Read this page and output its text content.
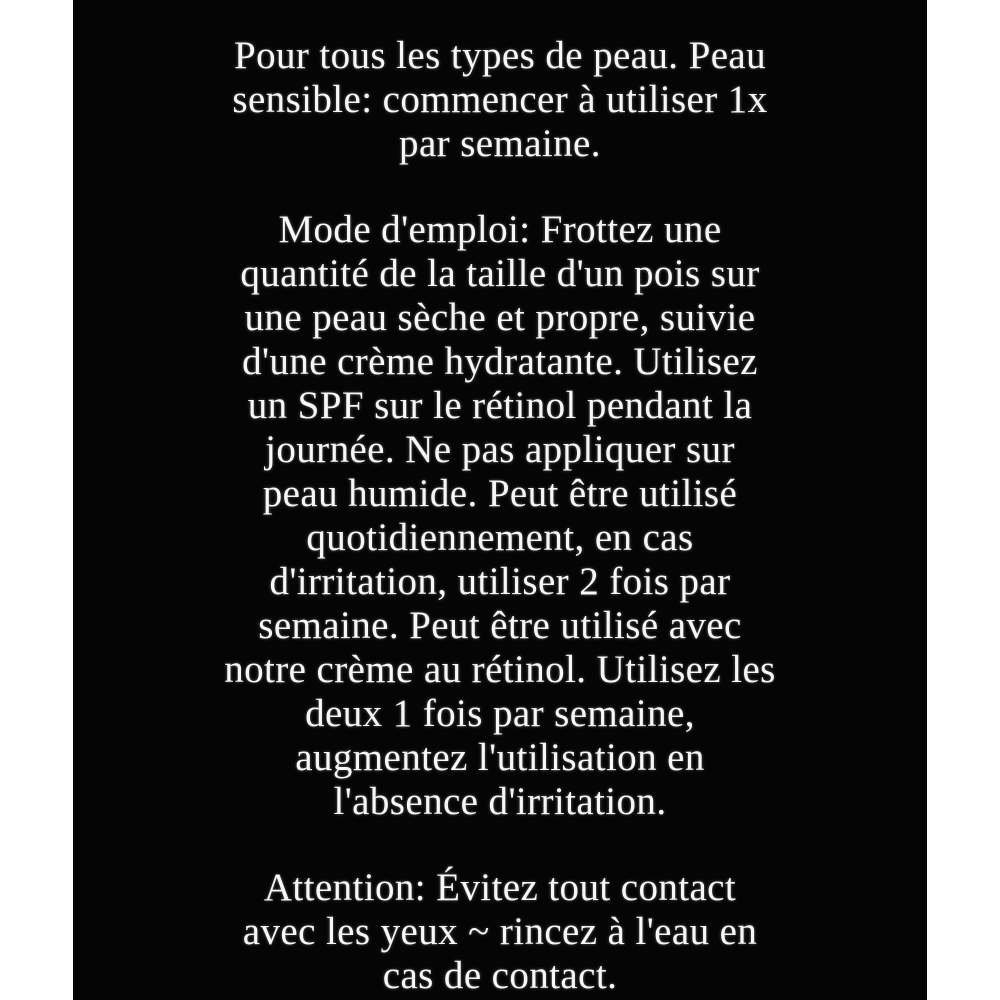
Pour tous les types de peau. Peau
sensible: commencer à utiliser 1x
par semaine.

Mode d'emploi: Frottez une
quantité de la taille d'un pois sur
une peau sèche et propre, suivie
d'une crème hydratante. Utilisez
un SPF sur le rétinol pendant la
journée. Ne pas appliquer sur
peau humide. Peut être utilisé
quotidiennement, en cas
d'irritation, utiliser 2 fois par
semaine. Peut être utilisé avec
notre crème au rétinol. Utilisez les
deux 1 fois par semaine,
augmentez l'utilisation en
l'absence d'irritation.

Attention: Évitez tout contact
avec les yeux ~ rincez à l'eau en
cas de contact.
